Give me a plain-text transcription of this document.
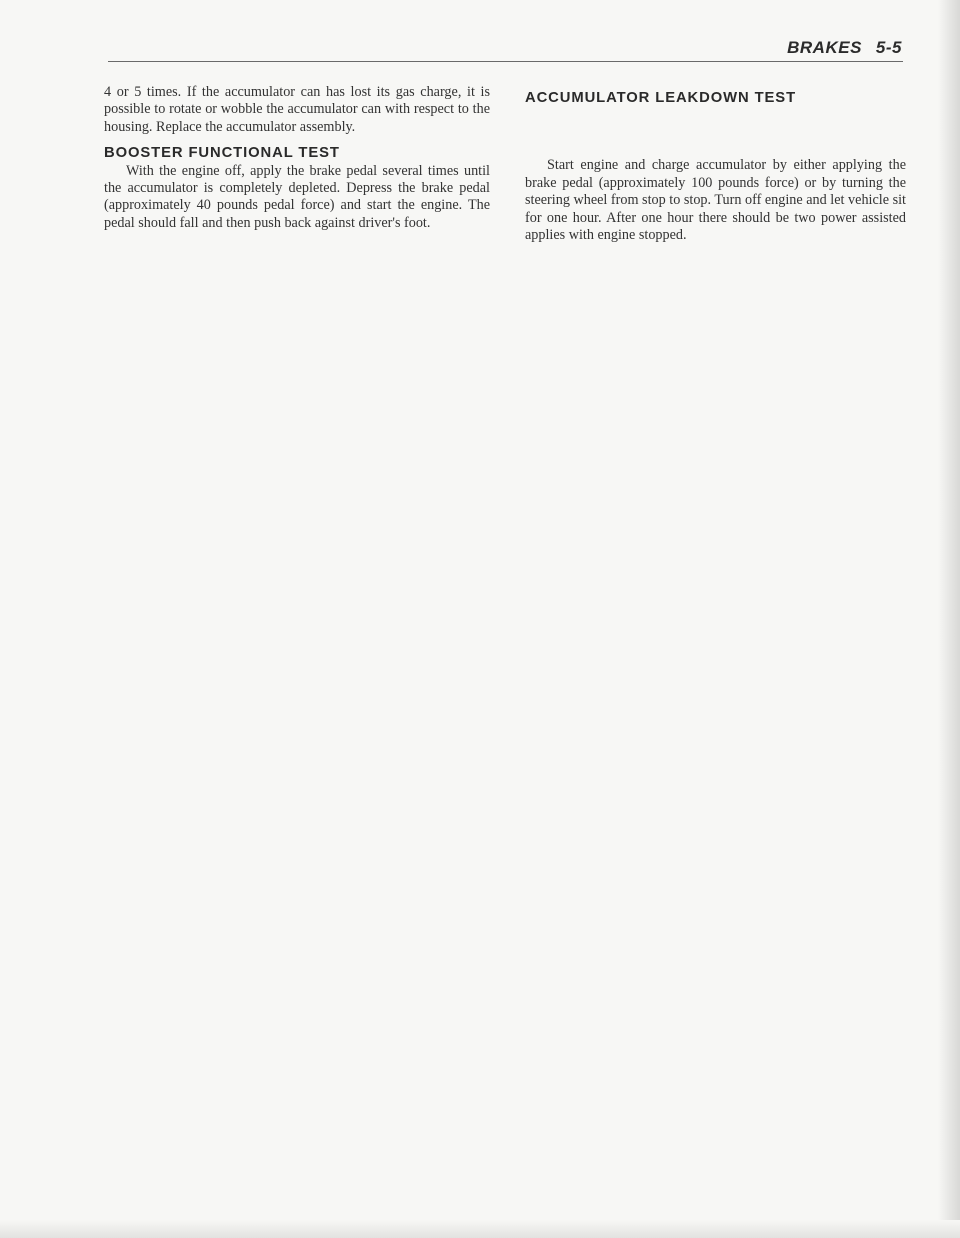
BRAKES 5-5

4 or 5 times. If the accumulator can has lost its gas charge, it is possible to rotate or wobble the accumulator can with respect to the housing. Replace the accumulator assembly.

BOOSTER FUNCTIONAL TEST

With the engine off, apply the brake pedal several times until the accumulator is completely depleted. Depress the brake pedal (approximately 40 pounds pedal force) and start the engine. The pedal should fall and then push back against driver's foot.

ACCUMULATOR LEAKDOWN TEST

Start engine and charge accumulator by either applying the brake pedal (approximately 100 pounds force) or by turning the steering wheel from stop to stop. Turn off engine and let vehicle sit for one hour. After one hour there should be two power assisted applies with engine stopped.
